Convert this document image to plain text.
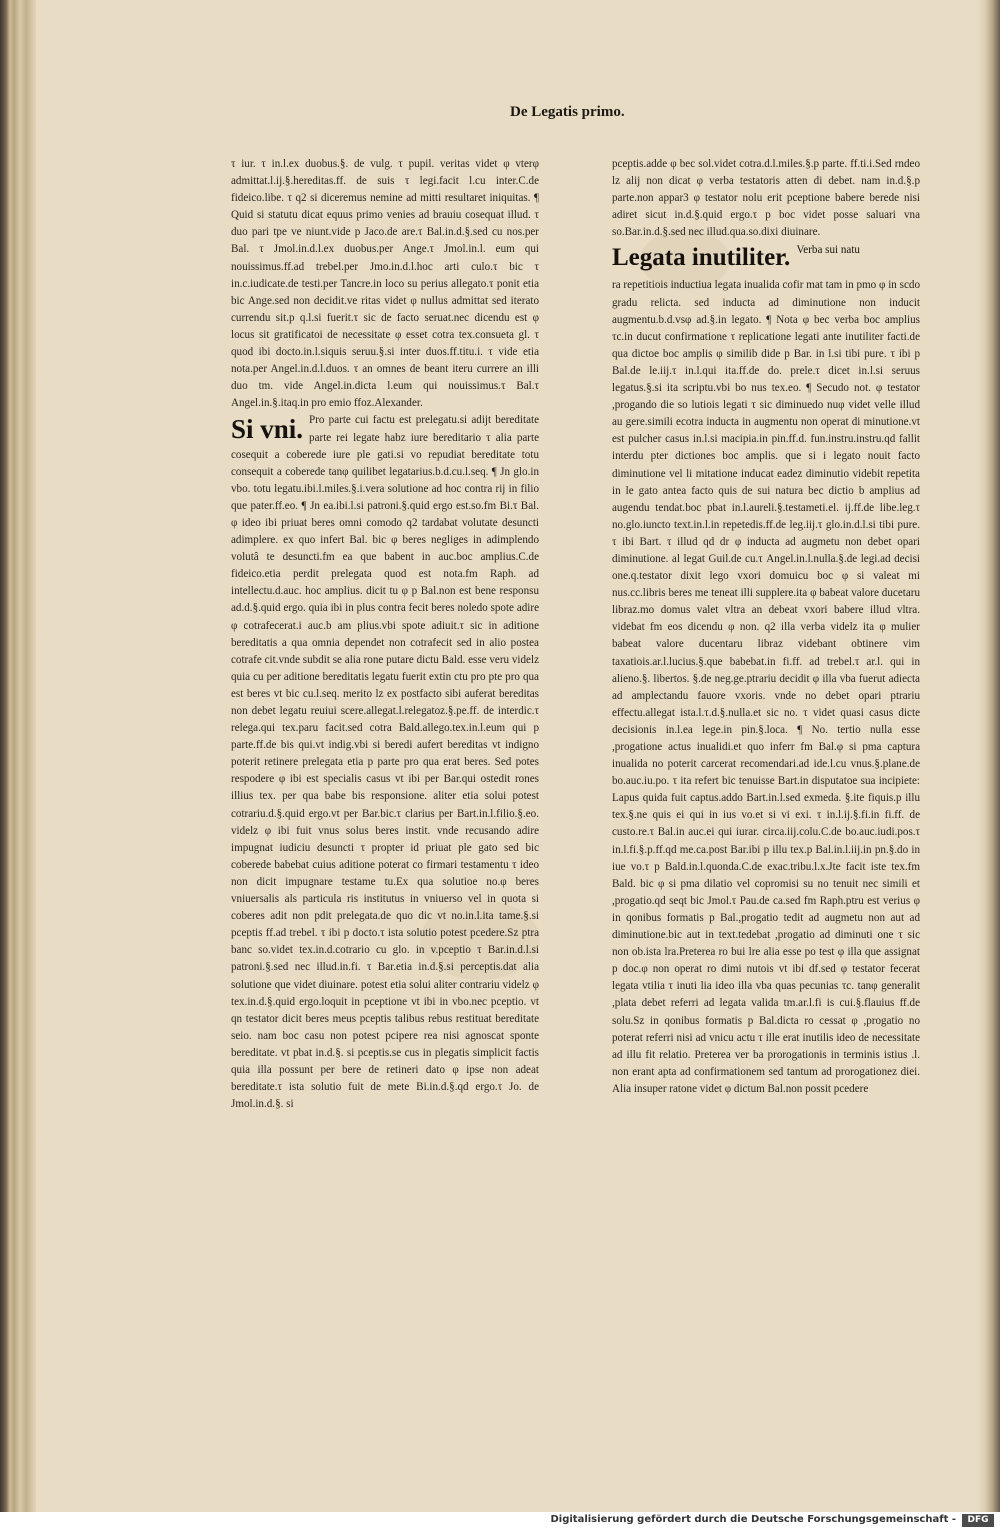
De Legatis primo.

τ iur. τ in.l.ex duobus.§. de vulg. τ pupil. veritas videt φ vterφ admittat.l.ij.§.hereditas.ff. de suis τ legi.facit l.cu inter.C.de fideico.libe. τ q2 si diceremus nemine ad mitti resultaret iniquitas. ¶ Quid si statutu dicat equus primo venies ad brauiu cosequat illud. τ duo pari tpe ve niunt.vide p Jaco.de are.τ Bal.in.d.§.sed cu nos.per Bal. τ Jmol.in.d.l.ex duobus.per Ange.τ Jmol.in.l. eum qui nouissimus.ff.ad trebel.per Jmo.in.d.l.hoc arti culo.τ bic τ in.c.iudicate.de testi.per Tancre.in loco su perius allegato.τ ponit etia bic Ange.sed non decidit.ve ritas videt φ nullus admittat sed iterato currendu sit.p q.l.si fuerit.τ sic de facto seruat.nec dicendu est φ locus sit gratificatoi de necessitate φ esset cotra tex.consueta gl. τ quod ibi docto.in.l.siquis seruu.§.si inter duos.ff.titu.i. τ vide etia nota.per Angel.in.d.l.duos. τ an omnes de beant iteru currere an illi duo tm. vide Angel.in.dicta l.eum qui nouissimus.τ Bal.τ Angel.in.§.itaq.in pro emio ffoz.Alexander.

Si vni. Pro parte cui factu est prelegatu.si adijt bereditate parte rei legate habz iure bereditario τ alia parte cosequit a coberede iure ple gati.si vo repudiat bereditate totu consequit a coberede tanφ quilibet legatarius.b.d.cu.l.seq. ¶ Jn glo.in vbo. totu legatu.ibi.l.miles.§.i.vera solutione ad hoc contra rij in filio que pater.ff.eo. ¶ Jn ea.ibi.l.si patroni.§.quid ergo est.so.fm Bi.τ Bal. φ ideo ibi priuat beres omni comodo q2 tardabat volutate desuncti adimplere. ex quo infert Bal. bic φ beres negliges in adimplendo volutâ te desuncti.fm ea que babent in auc.boc amplius.C.de fideico.etia perdit prelegata quod est nota.fm Raph. ad intellectu.d.auc. hoc amplius. dicit tu φ p Bal.non est bene responsu ad.d.§.quid ergo. quia ibi in plus contra fecit beres noledo spote adire φ cotrafecerat.i auc.b am plius.vbi spote adiuit.τ sic in aditione bereditatis a qua omnia dependet non cotrafecit sed in alio postea cotrafe cit.vnde subdit se alia rone putare dictu Bald. esse veru videlz quia cu per aditione bereditatis legatu fuerit extin ctu pro pte pro qua est beres vt bic cu.l.seq. merito lz ex postfacto sibi auferat bereditas non debet legatu reuiui scere.allegat.l.relegatoz.§.pe.ff. de interdic.τ relega.qui tex.paru facit.sed cotra Bald.allego.tex.in.l.eum qui p parte.ff.de bis qui.vt indig.vbi si beredi aufert bereditas vt indigno poterit retinere prelegata etia p parte pro qua erat beres. Sed potes respodere φ ibi est specialis casus vt ibi per Bar.qui ostedit rones illius tex. per qua babe bis responsione. aliter etia solui potest cotrariu.d.§.quid ergo.vt per Bar.bic.τ clarius per Bart.in.l.filio.§.eo. videlz φ ibi fuit vnus solus beres instit. vnde recusando adire impugnat iudiciu desuncti τ propter id priuat ple gato sed bic coberede babebat cuius aditione poterat co firmari testamentu τ ideo non dicit impugnare testame tu.Ex qua solutioe no.φ beres vniuersalis als particula ris institutus in vniuerso vel in quota si coberes adit non pdit prelegata.de quo dic vt no.in.l.ita tame.§.si pceptis ff.ad trebel. τ ibi p docto.τ ista solutio potest pcedere.Sz ptra banc so.videt tex.in.d.cotrario cu glo. in v.pceptio τ Bar.in.d.l.si patroni.§.sed nec illud.in.fi. τ Bar.etia in.d.§.si perceptis.dat alia solutione que videt diuinare. potest etia solui aliter contrariu videlz φ tex.in.d.§.quid ergo.loquit in pceptione vt ibi in vbo.nec pceptio. vt qn testator dicit beres meus pceptis talibus rebus restituat bereditate seio. nam boc casu non potest pcipere rea nisi agnoscat sponte bereditate. vt pbat in.d.§. si pceptis.se cus in plegatis simplicit factis quia illa possunt per bere de retineri dato φ ipse non adeat bereditate.τ ista solutio fuit de mete Bi.in.d.§.qd ergo.τ Jo. de Jmol.in.d.§. si

pceptis.adde φ bec sol.videt cotra.d.l.miles.§.p parte. ff.ti.i.Sed rndeo lz alij non dicat φ verba testatoris atten di debet. nam in.d.§.p parte.non appar3 φ testator nolu erit pceptione babere berede nisi adiret sicut in.d.§.quid ergo.τ p boc videt posse saluari vna so.Bar.in.d.§.sed nec illud.qua.so.dixi diuinare.

Legata inutiliter. $^{Verba sui natu}$

ra repetitiois inductiua legata inualida cofir mat tam in pmo φ in scdo gradu relicta. sed inducta ad diminutione non inducit augmentu.b.d.vsφ ad.§.in legato. ¶ Nota φ bec verba boc amplius τc.in ducut confirmatione τ replicatione legati ante inutiliter facti.de qua dictoe boc amplis φ similib dide p Bar. in l.si tibi pure. τ ibi p Bal.de le.iij.τ in.l.qui ita.ff.de do. prele.τ dicet in.l.si seruus legatus.§.si ita scriptu.vbi bo nus tex.eo. ¶ Secudo not. φ testator ,progando die so lutiois legati τ sic diminuedo nuφ videt velle illud au gere.simili ecotra inducta in augmentu non operat di minutione.vt est pulcher casus in.l.si macipia.in pin.ff.d. fun.instru.instru.qd fallit interdu pter dictiones boc amplis. que si i legato nouit facto diminutione vel li mitatione inducat eadez diminutio videbit repetita in le gato antea facto quis de sui natura bec dictio b amplius ad augendu tendat.boc pbat in.l.aureli.§.testameti.el. ij.ff.de libe.leg.τ no.glo.iuncto text.in.l.in repetedis.ff.de leg.iij.τ glo.in.d.l.si tibi pure. τ ibi Bart. τ illud qd dr φ inducta ad augmetu non debet opari diminutione. al legat Guil.de cu.τ Angel.in.l.nulla.§.de legi.ad decisi one.q.testator dixit lego vxori domuicu boc φ si valeat mi nus.cc.libris beres me teneat illi supplere.ita φ babeat valore ducetaru libraz.mo domus valet vltra an debeat vxori babere illud vltra. videbat fm eos dicendu φ non. q2 illa verba videlz ita φ mulier babeat valore ducentaru libraz videbant obtinere vim taxatiois.ar.l.lucius.§.que babebat.in fi.ff. ad trebel.τ ar.l. qui in alieno.§. libertos. §.de neg.ge.ptrariu decidit φ illa vba fuerut adiecta ad amplectandu fauore vxoris. vnde no debet opari ptrariu effectu.allegat ista.l.τ.d.§.nulla.et sic no. τ videt quasi casus dicte decisionis in.l.ea lege.in pin.§.loca. ¶ No. tertio nulla esse ,progatione actus inualidi.et quo inferr fm Bal.φ si pma captura inualida no poterit carcerat recomendari.ad ide.l.cu vnus.§.plane.de bo.auc.iu.po. τ ita refert bic tenuisse Bart.in disputatoe sua incipiete: Lapus quida fuit captus.addo Bart.in.l.sed exmeda. §.ite fiquis.p illu tex.§.ne quis ei qui in ius vo.et si vi exi. τ in.l.ij.§.fi.in fi.ff. de custo.re.τ Bal.in auc.ei qui iurar. circa.iij.colu.C.de bo.auc.iudi.pos.τ in.l.fi.§.p.ff.qd me.ca.post Bar.ibi p illu tex.p Bal.in.l.iij.in pn.§.do in iue vo.τ p Bald.in.l.quonda.C.de exac.tribu.l.x.Jte facit iste tex.fm Bald. bic φ si pma dilatio vel copromisi su no tenuit nec simili et ,progatio.qd seqt bic Jmol.τ Pau.de ca.sed fm Raph.ptru est verius φ in qonibus formatis p Bal.,progatio tedit ad augmetu non aut ad diminutione.bic aut in text.tedebat ,progatio ad diminuti one τ sic non ob.ista lra.Preterea ro bui lre alia esse po test φ illa que assignat p doc.φ non operat ro dimi nutois vt ibi df.sed φ testator fecerat legata vtilia τ inuti lia ideo illa vba quas pecunias τc. tanφ generalit ,plata debet referri ad legata valida tm.ar.l.fi is cui.§.flauius ff.de solu.Sz in qonibus formatis p Bal.dicta ro cessat φ ,progatio no poterat referri nisi ad vnicu actu τ ille erat inutilis ideo de necessitate ad illu fit relatio. Preterea ver ba prorogationis in terminis istius .l. non erant apta ad confirmationem sed tantum ad prorogationez diei. Alia insuper ratone videt φ dictum Bal.non possit pcedere

Digitalisierung gefördert durch die Deutsche Forschungsgemeinschaft -	DFG
